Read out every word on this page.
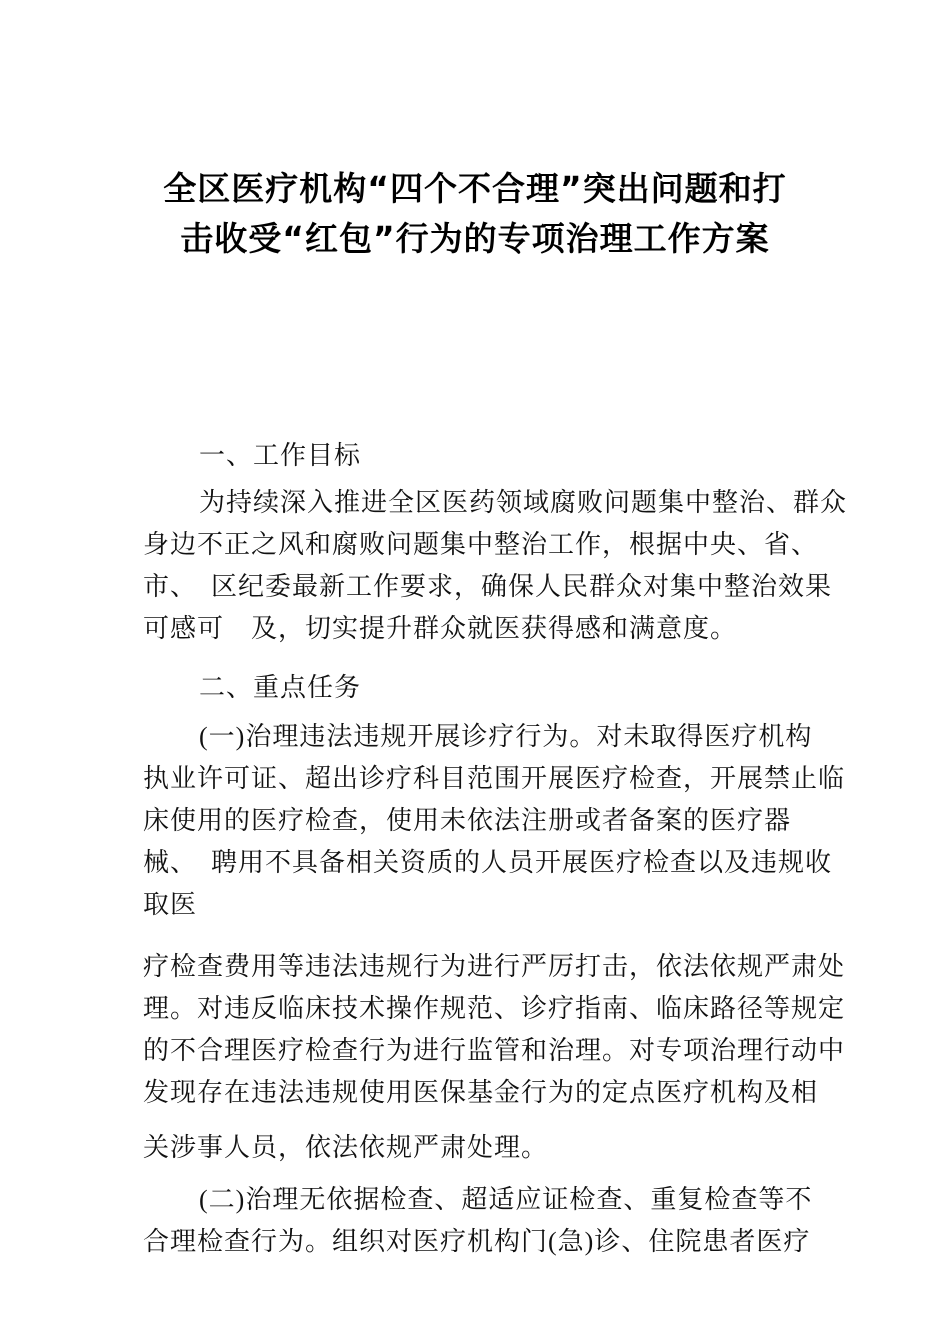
全区医疗机构“四个不合理”突出问题和打
击收受“红包”行为的专项治理工作方案
一、工作目标
为持续深入推进全区医药领域腐败问题集中整治、群众
身边不正之风和腐败问题集中整治工作，根据中央、省、
市、　区纪委最新工作要求，确保人民群众对集中整治效果
可感可　及，切实提升群众就医获得感和满意度。
二、重点任务
(一)治理违法违规开展诊疗行为。对未取得医疗机构
执业许可证、超出诊疗科目范围开展医疗检查，开展禁止临
床使用的医疗检查，使用未依法注册或者备案的医疗器
械、　聘用不具备相关资质的人员开展医疗检查以及违规收
取医
疗检查费用等违法违规行为进行严厉打击，依法依规严肃处
理。对违反临床技术操作规范、诊疗指南、临床路径等规定
的不合理医疗检查行为进行监管和治理。对专项治理行动中
发现存在违法违规使用医保基金行为的定点医疗机构及相
关涉事人员，依法依规严肃处理。
(二)治理无依据检查、超适应证检查、重复检查等不
合理检查行为。组织对医疗机构门(急)诊、住院患者医疗
